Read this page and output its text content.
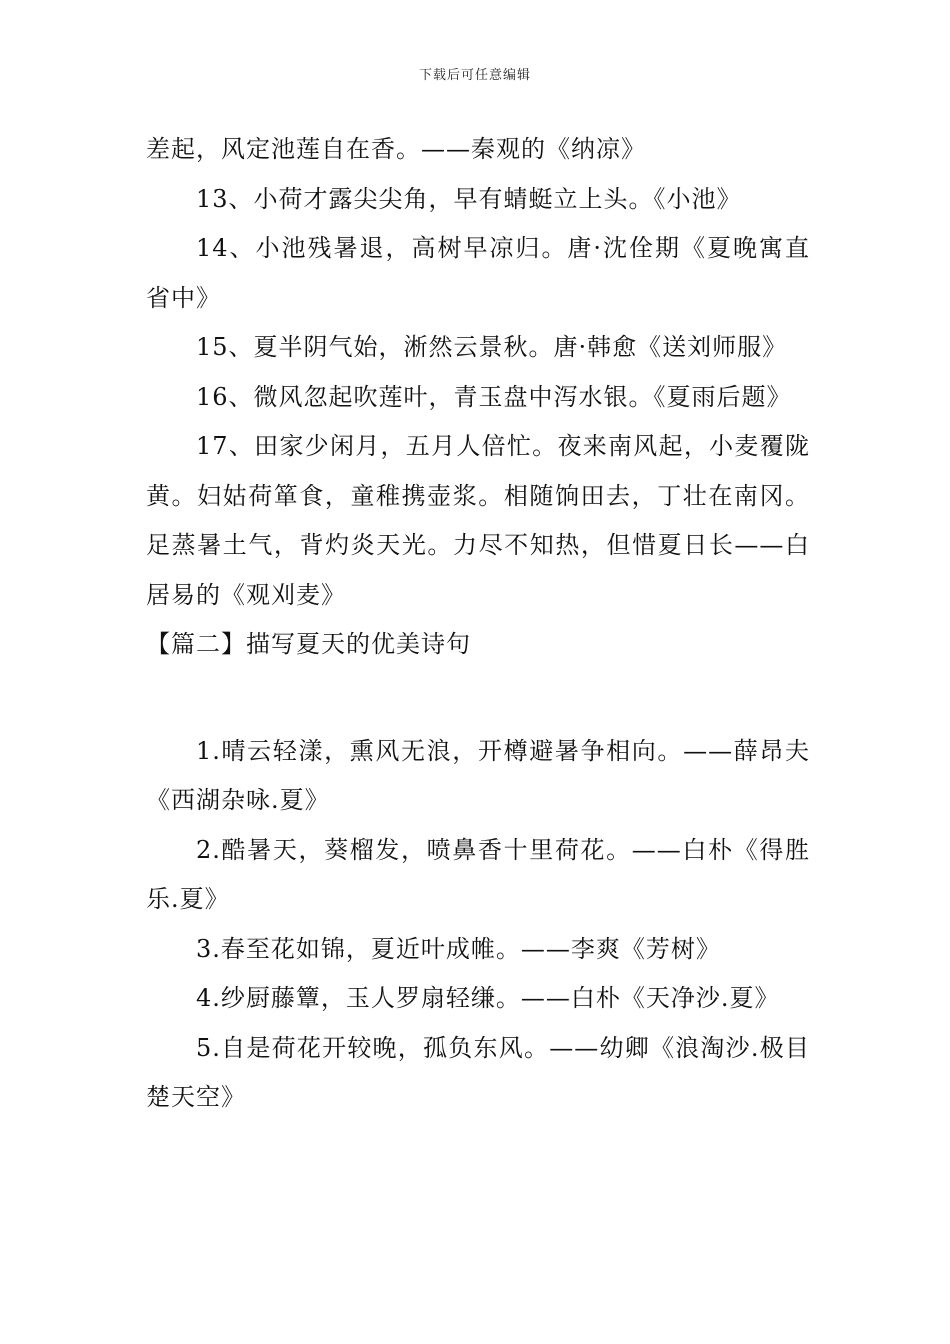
下载后可任意编辑

差起，风定池莲自在香。——秦观的《纳凉》

13、小荷才露尖尖角，早有蜻蜓立上头。《小池》

14、小池残暑退，高树早凉归。唐·沈佺期《夏晚寓直省中》

15、夏半阴气始，淅然云景秋。唐·韩愈《送刘师服》

16、微风忽起吹莲叶，青玉盘中泻水银。《夏雨后题》

17、田家少闲月，五月人倍忙。夜来南风起，小麦覆陇黄。妇姑荷箪食，童稚携壶浆。相随饷田去，丁壮在南冈。足蒸暑土气，背灼炎天光。力尽不知热，但惜夏日长——白居易的《观刈麦》

【篇二】描写夏天的优美诗句

1.晴云轻漾，熏风无浪，开樽避暑争相向。——薛昂夫《西湖杂咏.夏》

2.酷暑天，葵榴发，喷鼻香十里荷花。——白朴《得胜乐.夏》

3.春至花如锦，夏近叶成帷。——李爽《芳树》

4.纱厨藤簟，玉人罗扇轻缣。——白朴《天净沙.夏》

5.自是荷花开较晚，孤负东风。——幼卿《浪淘沙.极目楚天空》
